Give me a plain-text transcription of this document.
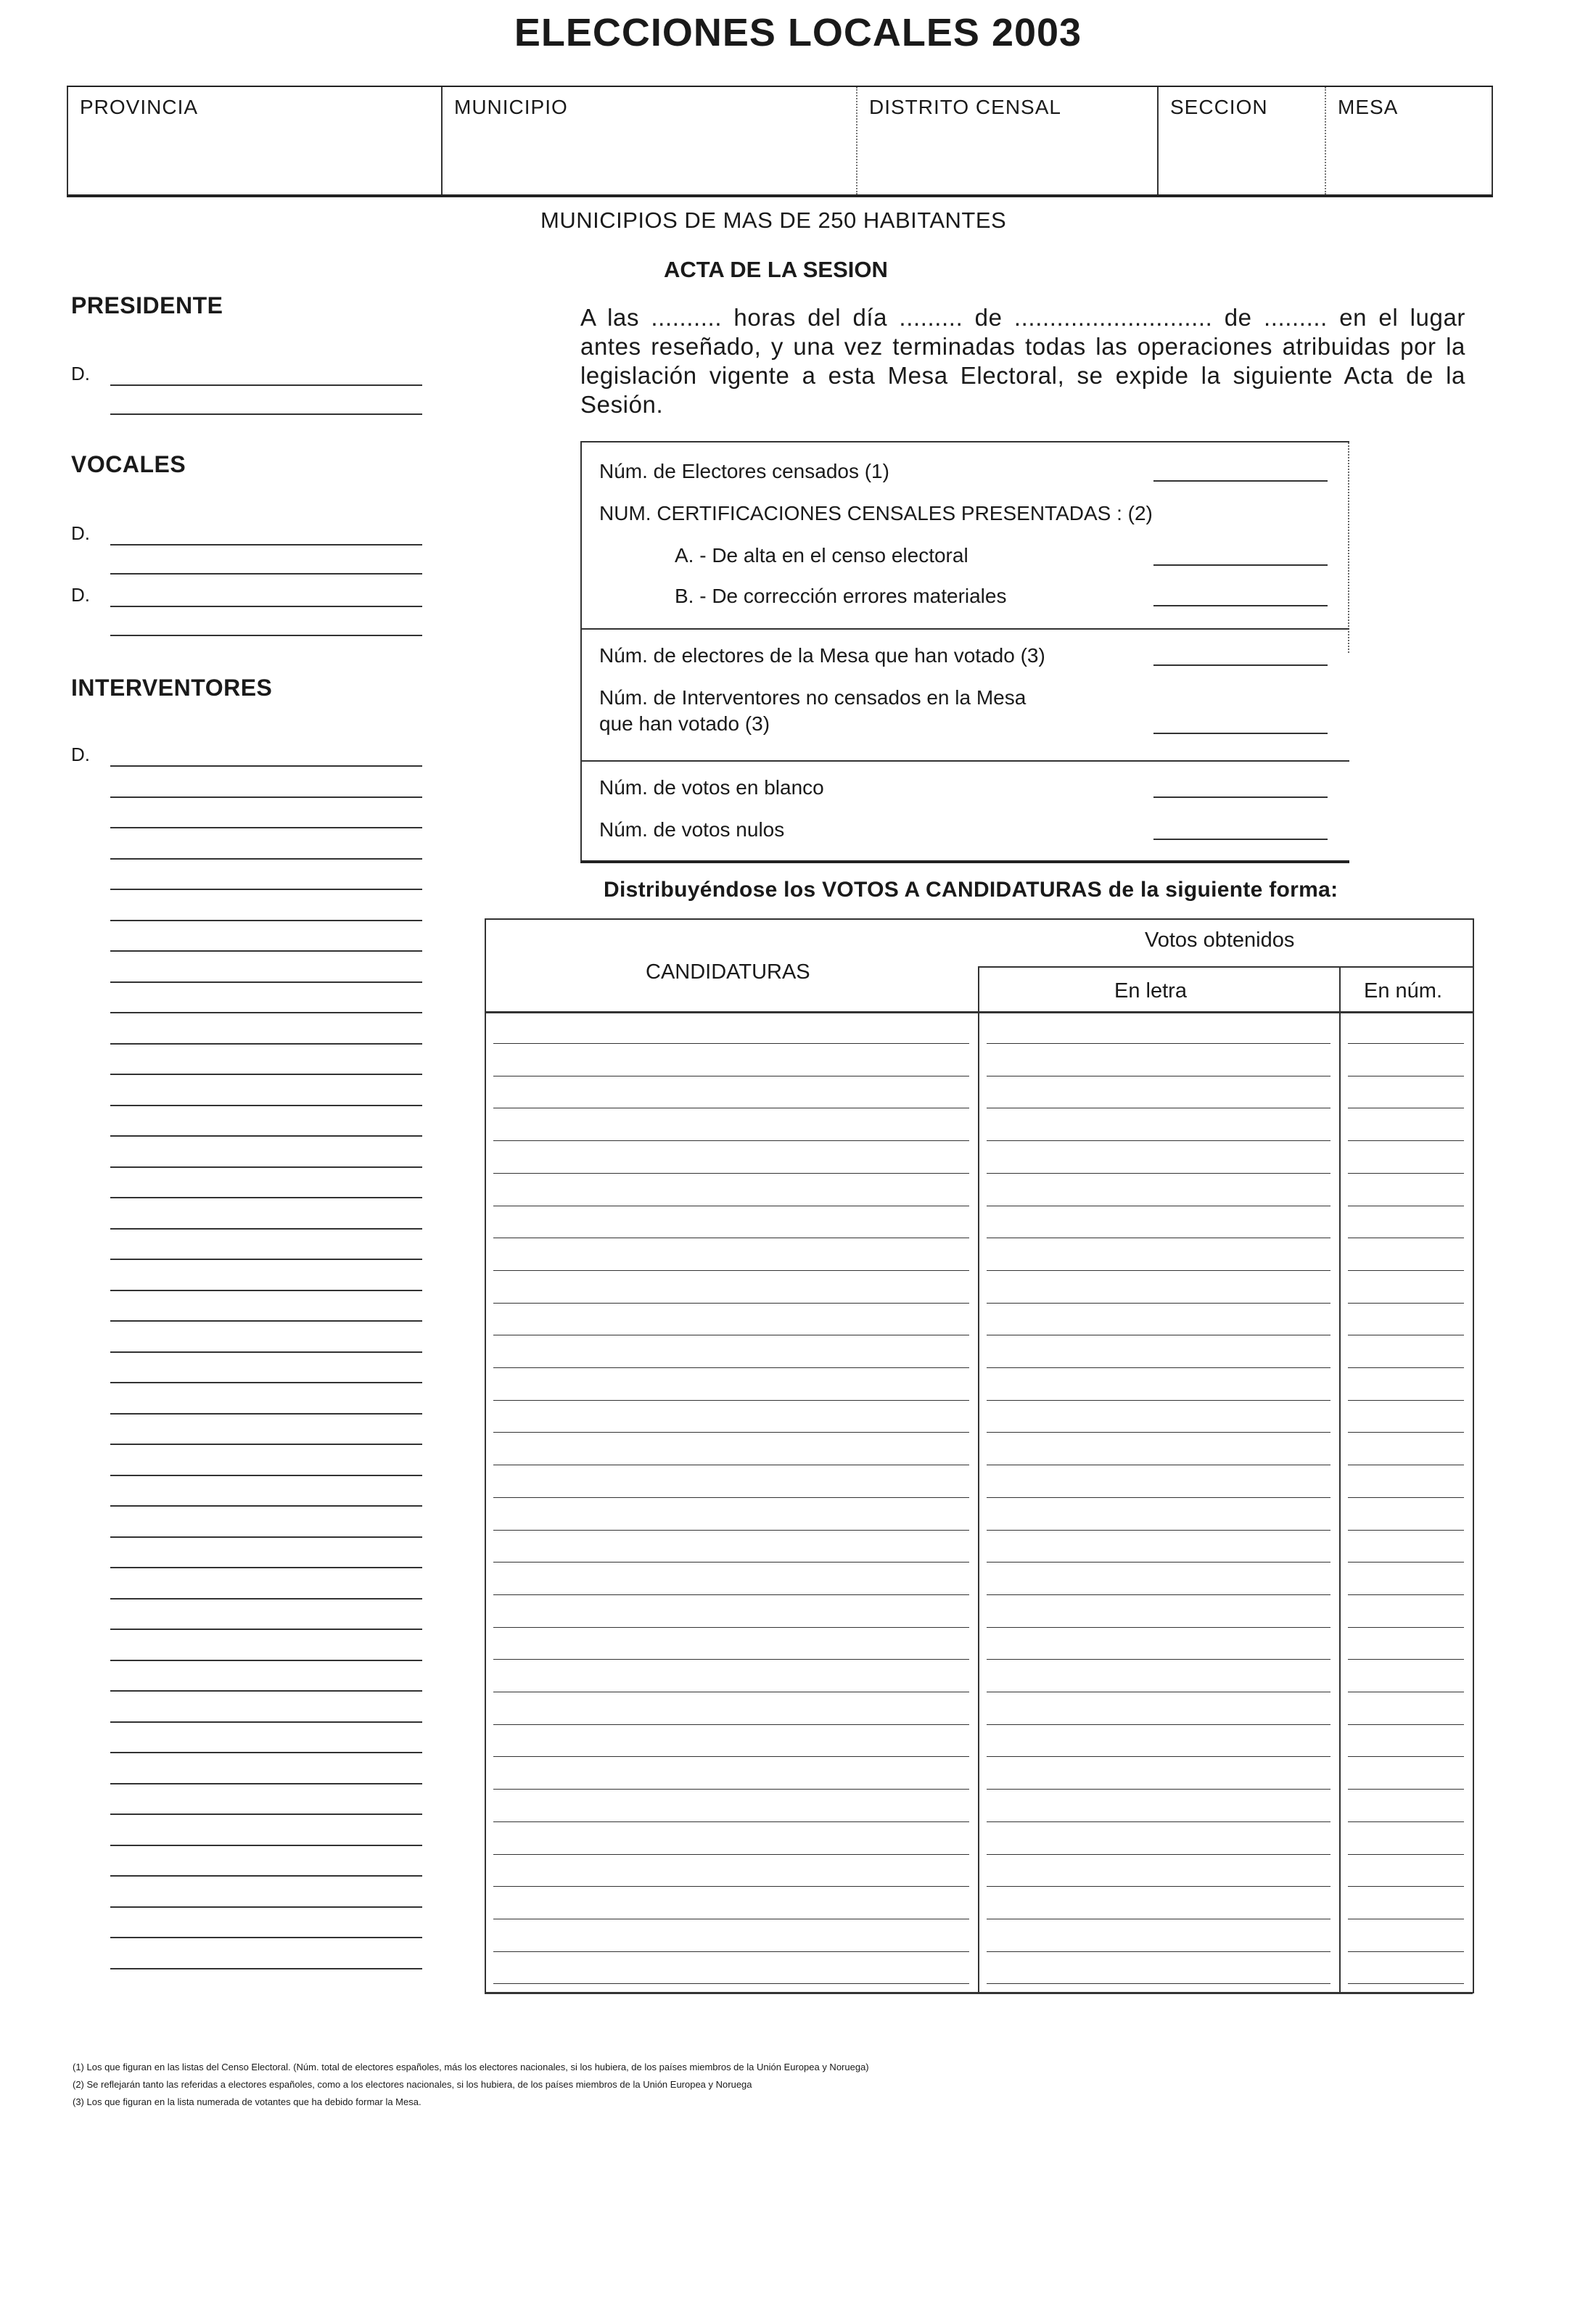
ELECCIONES LOCALES 2003
PROVINCIA	MUNICIPIO	DISTRITO CENSAL	SECCION	MESA
MUNICIPIOS DE MAS DE 250 HABITANTES
ACTA DE LA SESION
PRESIDENTE
D.
VOCALES
D.
D.
INTERVENTORES
D.
A las .......... horas del día ......... de ............................ de ......... en el lugar antes reseñado, y una vez terminadas todas las operaciones atribuidas por la legislación vigente a esta Mesa Electoral, se expide la siguiente Acta de la Sesión.
Núm. de Electores censados (1)
NUM. CERTIFICACIONES CENSALES PRESENTADAS : (2)
A. - De alta en el censo electoral
B. - De corrección errores materiales
Núm. de electores de la Mesa que han votado (3)
Núm. de Interventores no censados en la Mesa
que han votado (3)
Núm. de votos en blanco
Núm. de votos nulos
Distribuyéndose los VOTOS A CANDIDATURAS de la siguiente forma:
CANDIDATURAS
Votos obtenidos
En letra	En núm.
(1) Los que figuran en las listas del Censo Electoral. (Núm. total de electores españoles, más los electores nacionales, si los hubiera, de los países miembros de la Unión Europea y Noruega)
(2) Se reflejarán tanto las referidas a electores españoles, como a los electores nacionales, si los hubiera, de los países miembros de la Unión Europea y Noruega
(3) Los que figuran en la lista numerada de votantes que ha debido formar la Mesa.
